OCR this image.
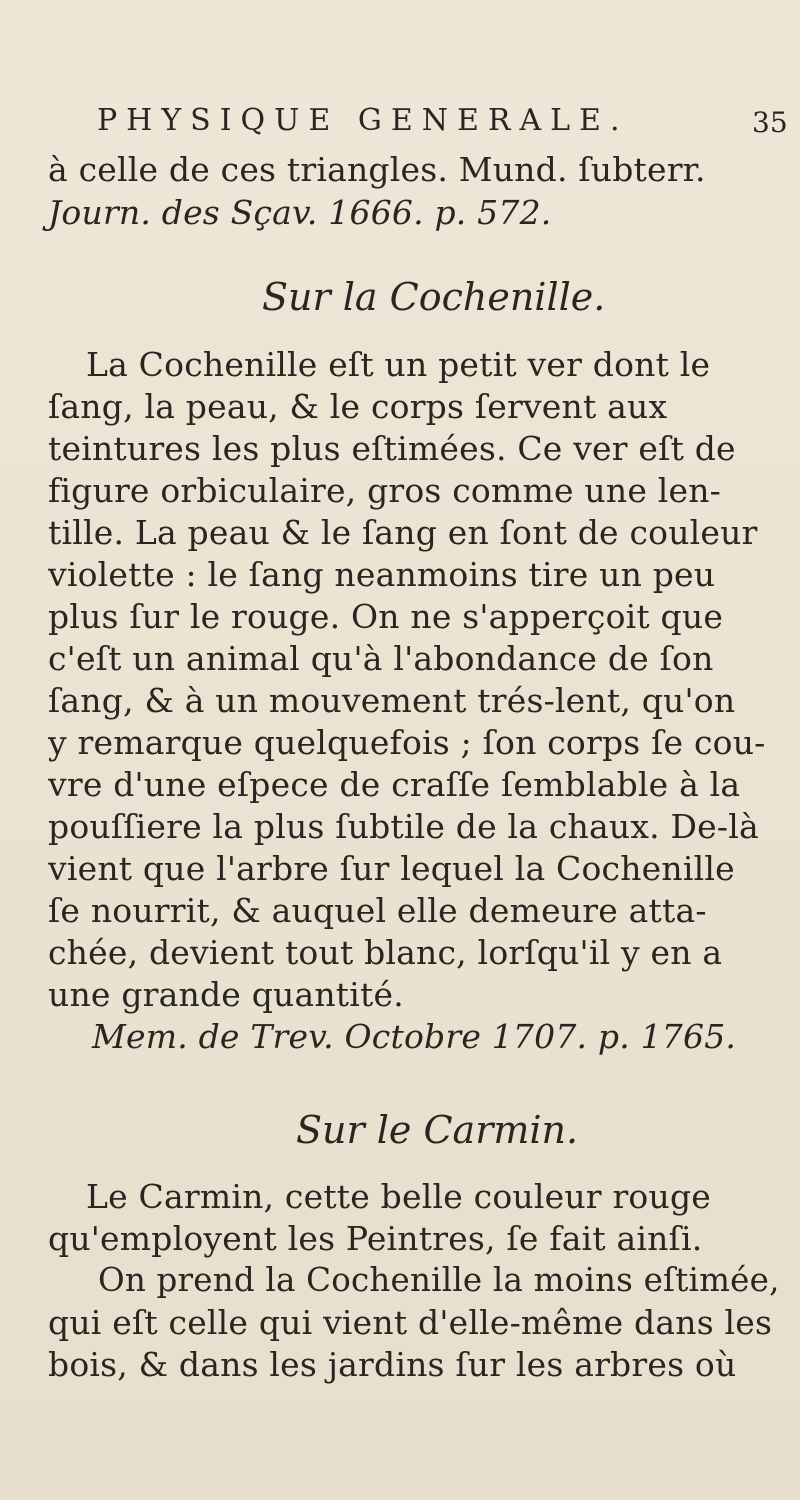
PHYSIQUE GENERALE.	35
à celle de ces triangles. Mund. ſubterr.
Journ. des Sçav. 1666. p. 572.
Sur la Cochenille.
La Cochenille eſt un petit ver dont le
ſang, la peau, & le corps ſervent aux
teintures les plus eſtimées. Ce ver eſt de
figure orbiculaire, gros comme une len-
tille. La peau & le ſang en ſont de couleur
violette : le ſang neanmoins tire un peu
plus ſur le rouge. On ne s'apperçoit que
c'eſt un animal qu'à l'abondance de ſon
ſang, & à un mouvement trés-lent, qu'on
y remarque quelquefois ; ſon corps ſe cou-
vre d'une eſpece de craſſe ſemblable à la
pouſſiere la plus ſubtile de la chaux. De-là
vient que l'arbre ſur lequel la Cochenille
ſe nourrit, & auquel elle demeure atta-
chée, devient tout blanc, lorſqu'il y en a
une grande quantité.
Mem. de Trev. Octobre 1707. p. 1765.
Sur le Carmin.
Le Carmin, cette belle couleur rouge
qu'employent les Peintres, ſe fait ainſi.
On prend la Cochenille la moins eſtimée,
qui eſt celle qui vient d'elle-même dans les
bois, & dans les jardins ſur les arbres où
